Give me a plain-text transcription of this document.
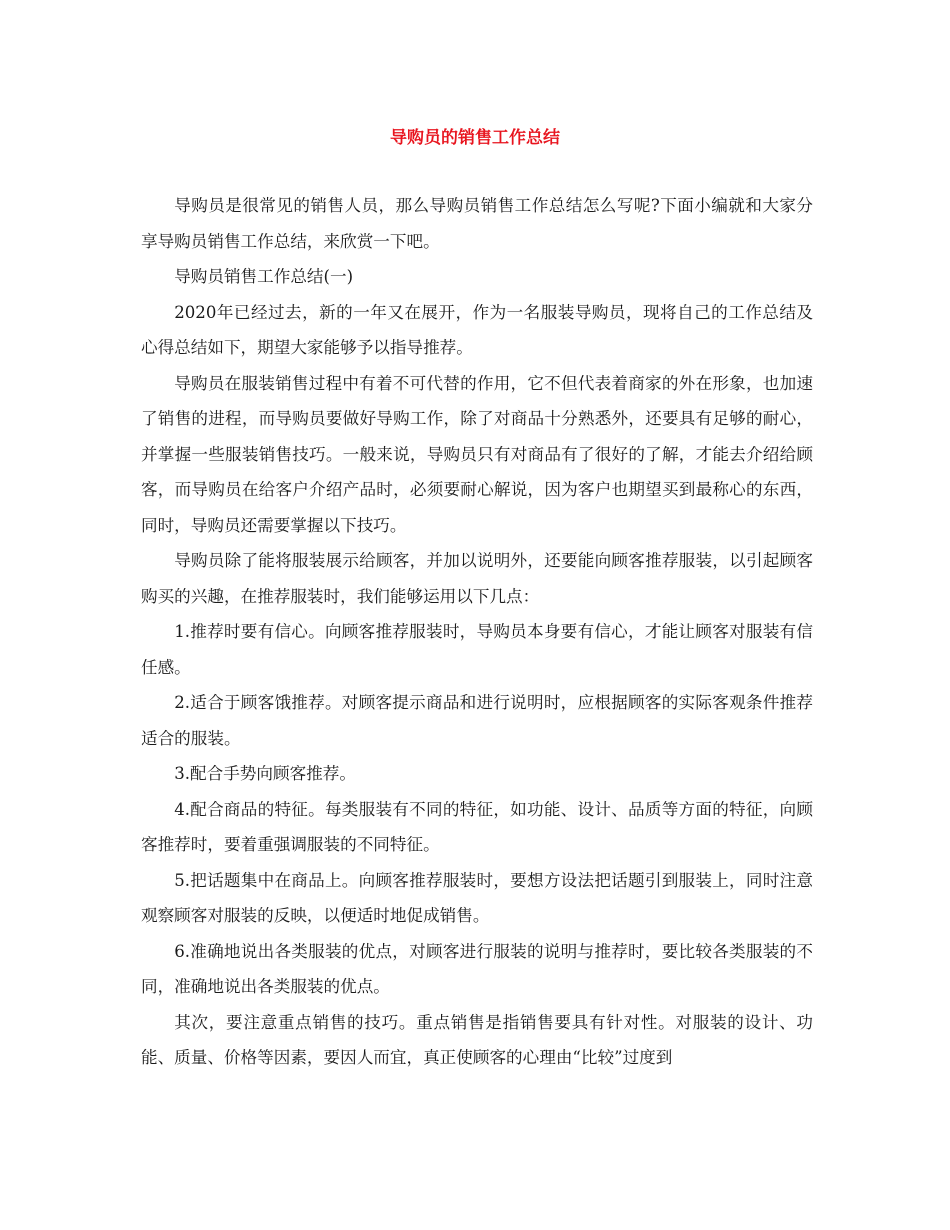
导购员的销售工作总结

导购员是很常见的销售人员，那么导购员销售工作总结怎么写呢?下面小编就和大家分享导购员销售工作总结，来欣赏一下吧。

导购员销售工作总结(一)

2020年已经过去，新的一年又在展开，作为一名服装导购员，现将自己的工作总结及心得总结如下，期望大家能够予以指导推荐。

导购员在服装销售过程中有着不可代替的作用，它不但代表着商家的外在形象，也加速了销售的进程，而导购员要做好导购工作，除了对商品十分熟悉外，还要具有足够的耐心，并掌握一些服装销售技巧。一般来说，导购员只有对商品有了很好的了解，才能去介绍给顾客，而导购员在给客户介绍产品时，必须要耐心解说，因为客户也期望买到最称心的东西，同时，导购员还需要掌握以下技巧。

导购员除了能将服装展示给顾客，并加以说明外，还要能向顾客推荐服装，以引起顾客购买的兴趣，在推荐服装时，我们能够运用以下几点：

1.推荐时要有信心。向顾客推荐服装时，导购员本身要有信心，才能让顾客对服装有信任感。

2.适合于顾客饿推荐。对顾客提示商品和进行说明时，应根据顾客的实际客观条件推荐适合的服装。

3.配合手势向顾客推荐。

4.配合商品的特征。每类服装有不同的特征，如功能、设计、品质等方面的特征，向顾客推荐时，要着重强调服装的不同特征。

5.把话题集中在商品上。向顾客推荐服装时，要想方设法把话题引到服装上，同时注意观察顾客对服装的反映，以便适时地促成销售。

6.准确地说出各类服装的优点，对顾客进行服装的说明与推荐时，要比较各类服装的不同，准确地说出各类服装的优点。

其次，要注意重点销售的技巧。重点销售是指销售要具有针对性。对服装的设计、功能、质量、价格等因素，要因人而宜，真正使顾客的心理由“比较”过度到
